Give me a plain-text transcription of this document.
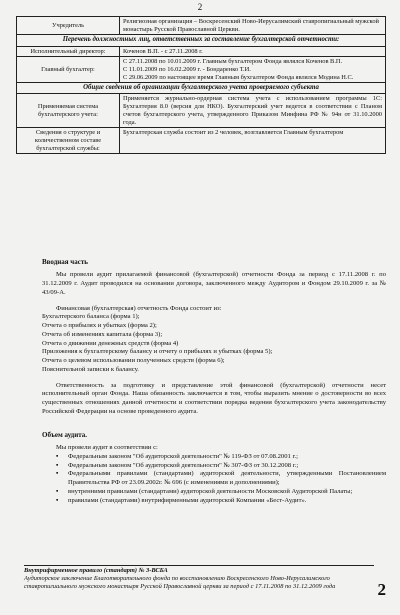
2
Учредитель	Религиозная организация – Воскресенский Ново-Иерусалимский ставропигиальный мужской монастырь Русской Православной Церкви.
Перечень должностных лиц, ответственных за составление бухгалтерской отчетности:	
Исполнительный директор:	Коченов В.П. - с 27.11.2008 г.
Главный бухгалтер:	С 27.11.2008 по 10.01.2009 г. Главным бухгалтером Фонда являлся Коченов В.П.
С 11.01.2009 по 16.02.2009 г. - Бондаренко Т.И.
С 29.06.2009 по настоящее время Главным бухгалтером Фонда являлся Модина Н.С.

Общие сведения об организации бухгалтерского учета проверяемого субъекта	
Применяемая система бухгалтерского учета:	Применяется журнально-ордерная система учета с использованием программы 1С: Бухгалтерия 8.0 (версия для НКО). Бухгалтерский учет ведется в соответствии с Планом счетов бухгалтерского учета, утвержденного Приказом Минфина РФ № 94н от 31.10.2000 года.
Сведения о структуре и количественном составе бухгалтерской службы:	Бухгалтерская служба состоит из 2 человек, возглавляется Главным бухгалтером

Вводная часть

Мы провели аудит прилагаемой финансовой (бухгалтерской) отчетности Фонда за период с 17.11.2008 г. по 31.12.2009 г. Аудит проводился на основании договора, заключенного между Аудитором и Фондом 29.10.2009 г. за № 43/09-А.

Финансовая (бухгалтерская) отчетность Фонда состоит из:

Бухгалтерского баланса (форма 1);

Отчета о прибылях и убытках (форма 2);

Отчета об изменениях капитала (форма 3);

Отчета о движении денежных средств (форма 4)

Приложения к бухгалтерскому балансу и отчету о прибылях и убытках (форма 5);

Отчета о целевом использовании полученных средств (форма 6);

Пояснительной записки к балансу.

Ответственность за подготовку и представление этой финансовой (бухгалтерской) отчетности несет исполнительный орган Фонда. Наша обязанность заключается в том, чтобы выразить мнение о достоверности во всех существенных отношениях данной отчетности и соответствии порядка ведения бухгалтерского учета законодательству Российской Федерации на основе проведенного аудита.

Объем аудита.

Мы провели аудит в соответствии с:

▪ Федеральным законом "Об аудиторской деятельности" № 119-ФЗ от 07.08.2001 г.;
▪ Федеральным законом "Об аудиторской деятельности" № 307-ФЗ от 30.12.2008 г.;
▪ Федеральными правилами (стандартами) аудиторской деятельности, утвержденными Постановлением Правительства РФ от 23.09.2002г. № 696 (с изменениями и дополнениями);
▪ внутренними правилами (стандартами) аудиторской деятельности Московской Аудиторской Палаты;
▪ правилами (стандартами) внутрифирменными аудиторской Компании «Бест-Аудит».
Внутрифирменное правило (стандарт) № 3-ВСБА
Аудиторское заключение Благотворительного фонда по восстановлению Воскресенского Ново-Иерусалимского ставропигиального мужского монастыря Русской Православной церкви за период с 17.11.2008 по 31.12.2009 года	2
